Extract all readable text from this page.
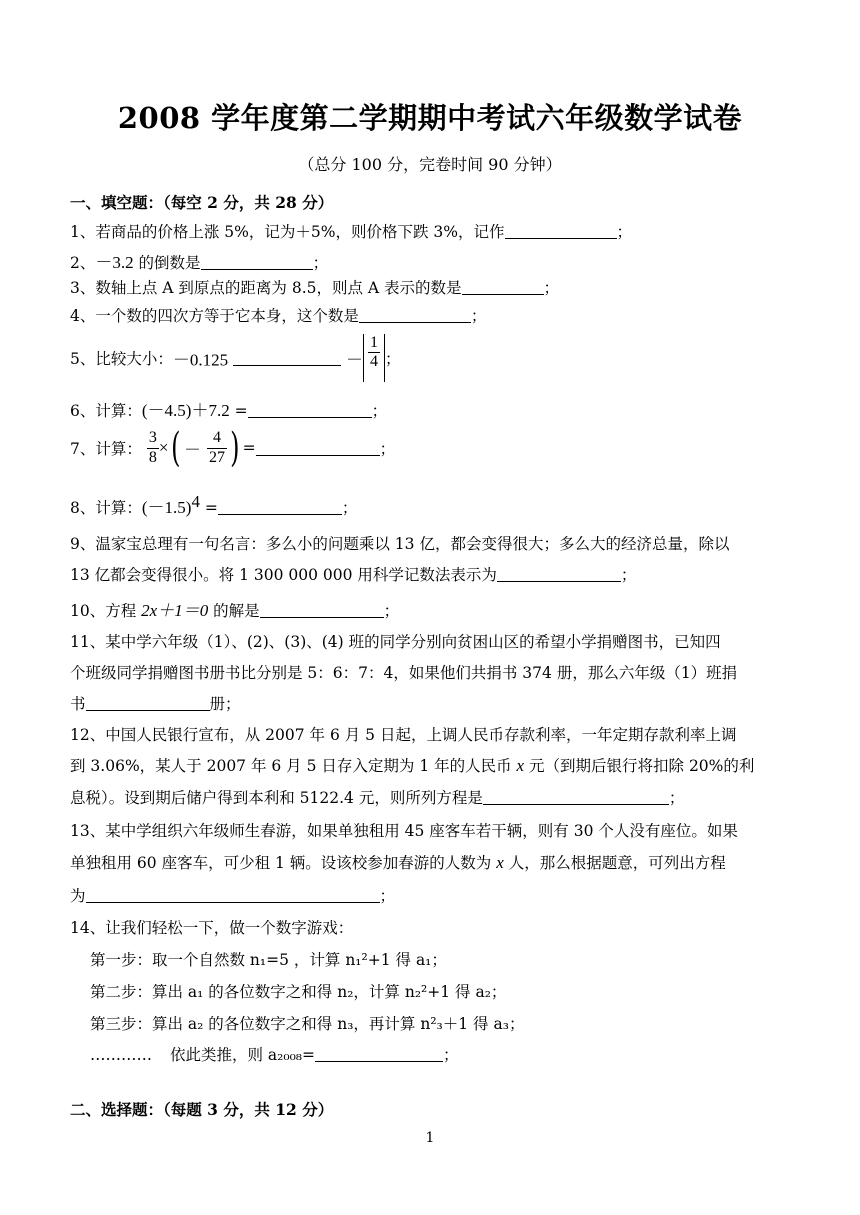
2008 学年度第二学期期中考试六年级数学试卷
（总分 100 分，完卷时间 90 分钟）
一、填空题：（每空 2 分，共 28 分）
1、若商品的价格上涨 5%，记为＋5%，则价格下跌 3%，记作	；
2、－3.2 的倒数是	；
3、数轴上点 A 到原点的距离为 8.5，则点 A 表示的数是	；
4、一个数的四次方等于它本身，这个数是	；
5、比较大小：－0.125	－ $\frac{1}{4}$ ；
6、计算：(－4.5)＋7.2 =	；
7、计算： $\frac{3}{8}$ ×( － $\frac{4}{27}$ ) =	；
8、计算：$(-1.5)^4$ =	；
9、温家宝总理有一句名言：多么小的问题乘以 13 亿，都会变得很大；多么大的经济总量，除以
13 亿都会变得很小。将 1 300 000 000 用科学记数法表示为	；
10、方程 2x＋1＝0 的解是	；
11、某中学六年级（1）、(2)、(3)、(4) 班的同学分别向贫困山区的希望小学捐赠图书，已知四
个班级同学捐赠图书册书比分别是 5：6：7：4，如果他们共捐书 374 册，那么六年级（1）班捐
书	册；
12、中国人民银行宣布，从 2007 年 6 月 5 日起，上调人民币存款利率，一年定期存款利率上调
到 3.06%，某人于 2007 年 6 月 5 日存入定期为 1 年的人民币 x 元（到期后银行将扣除 20%的利
息税）。设到期后储户得到本利和 5122.4 元，则所列方程是	；
13、某中学组织六年级师生春游，如果单独租用 45 座客车若干辆，则有 30 个人没有座位。如果
单独租用 60 座客车，可少租 1 辆。设该校参加春游的人数为 x 人，那么根据题意，可列出方程
为	；
14、让我们轻松一下，做一个数字游戏：
第一步：取一个自然数 n₁=5 ，计算 n₁²+1 得 a₁；
第二步：算出 a₁ 的各位数字之和得 n₂，计算 n₂²+1 得 a₂；
第三步：算出 a₂ 的各位数字之和得 n₃，再计算 n²₃＋1 得 a₃；
………… 依此类推，则 a₂₀₀₈=	；
二、选择题：（每题 3 分，共 12 分）
1
